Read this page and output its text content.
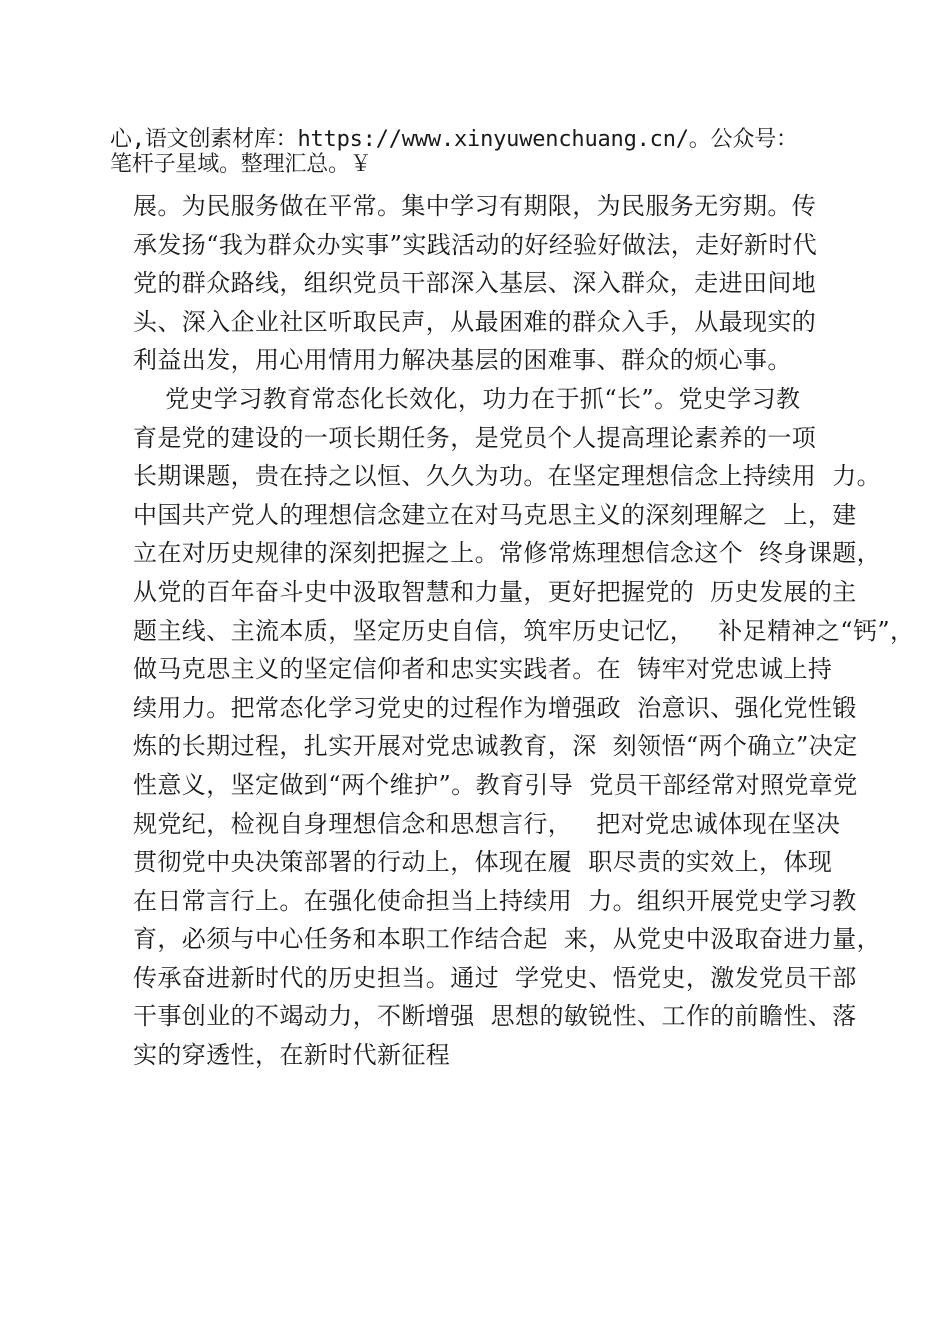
心,语文创素材库：https://www.xinyuwenchuang.cn/。公众号：
笔杆子星域。整理汇总。￥
展。为民服务做在平常。集中学习有期限，为民服务无穷期。传
承发扬“我为群众办实事”实践活动的好经验好做法，走好新时代
党的群众路线，组织党员干部深入基层、深入群众，走进田间地
头、深入企业社区听取民声，从最困难的群众入手，从最现实的
利益出发，用心用情用力解决基层的困难事、群众的烦心事。
党史学习教育常态化长效化，功力在于抓“长”。党史学习教
育是党的建设的一项长期任务，是党员个人提高理论素养的一项
长期课题，贵在持之以恒、久久为功。在坚定理想信念上持续用  力。
中国共产党人的理想信念建立在对马克思主义的深刻理解之  上，建
立在对历史规律的深刻把握之上。常修常炼理想信念这个  终身课题，
从党的百年奋斗史中汲取智慧和力量，更好把握党的  历史发展的主
题主线、主流本质，坚定历史自信，筑牢历史记忆，   补足精神之“钙”，
做马克思主义的坚定信仰者和忠实实践者。在  铸牢对党忠诚上持
续用力。把常态化学习党史的过程作为增强政  治意识、强化党性锻
炼的长期过程，扎实开展对党忠诚教育，深  刻领悟“两个确立”决定
性意义，坚定做到“两个维护”。教育引导  党员干部经常对照党章党
规党纪，检视自身理想信念和思想言行，   把对党忠诚体现在坚决
贯彻党中央决策部署的行动上，体现在履  职尽责的实效上，体现
在日常言行上。在强化使命担当上持续用  力。组织开展党史学习教
育，必须与中心任务和本职工作结合起  来，从党史中汲取奋进力量，
传承奋进新时代的历史担当。通过  学党史、悟党史，激发党员干部
干事创业的不竭动力，不断增强  思想的敏锐性、工作的前瞻性、落
实的穿透性，在新时代新征程
